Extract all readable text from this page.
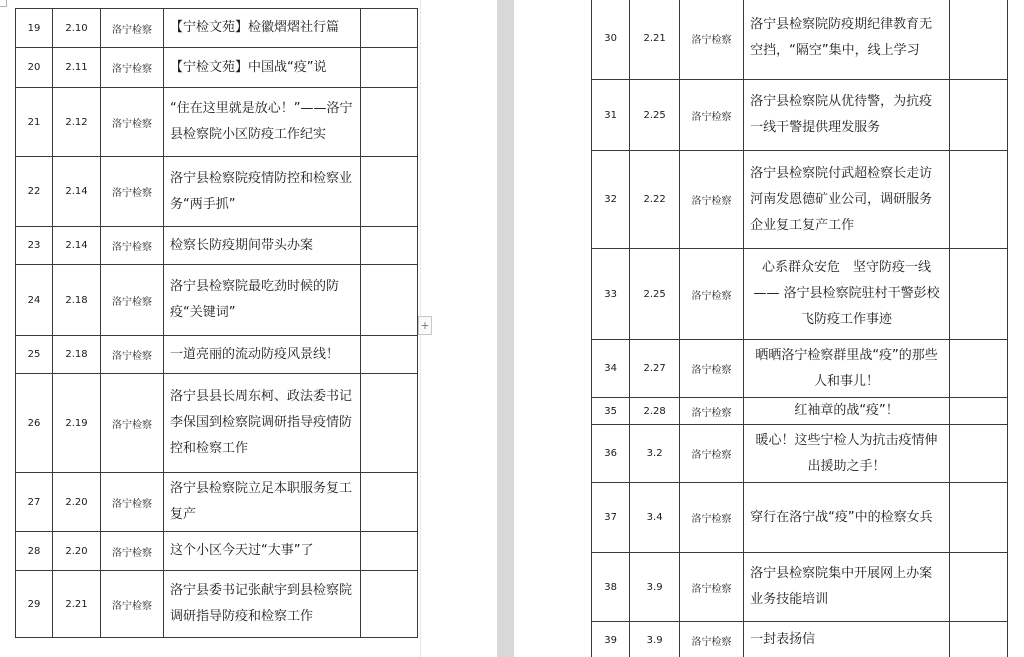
+
19	2.10	洛宁检察	【宁检文苑】检徽熠熠社行篇	
20	2.11	洛宁检察	【宁检文苑】中国战“疫”说	
21	2.12	洛宁检察	“住在这里就是放心！”——洛宁县检察院小区防疫工作纪实	
22	2.14	洛宁检察	洛宁县检察院疫情防控和检察业务“两手抓”	
23	2.14	洛宁检察	检察长防疫期间带头办案	
24	2.18	洛宁检察	洛宁县检察院最吃劲时候的防疫“关键词”	
25	2.18	洛宁检察	一道亮丽的流动防疫风景线！	
26	2.19	洛宁检察	洛宁县县长周东柯、政法委书记李保国到检察院调研指导疫情防控和检察工作	
27	2.20	洛宁检察	洛宁县检察院立足本职服务复工复产	
28	2.20	洛宁检察	这个小区今天过“大事”了	
29	2.21	洛宁检察	洛宁县委书记张献宇到县检察院调研指导防疫和检察工作	
30	2.21	洛宁检察	洛宁县检察院防疫期纪律教育无空挡，“隔空”集中，线上学习	
31	2.25	洛宁检察	洛宁县检察院从优待警，为抗疫一线干警提供理发服务	
32	2.22	洛宁检察	洛宁县检察院付武超检察长走访河南发恩德矿业公司，调研服务企业复工复产工作	
33	2.25	洛宁检察	心系群众安危　坚守防疫一线—— 洛宁县检察院驻村干警彭校飞防疫工作事迹	
34	2.27	洛宁检察	晒晒洛宁检察群里战“疫”的那些人和事儿！	
35	2.28	洛宁检察	红袖章的战“疫”！	
36	3.2	洛宁检察	暖心！这些宁检人为抗击疫情伸出援助之手！	
37	3.4	洛宁检察	穿行在洛宁战“疫”中的检察女兵	
38	3.9	洛宁检察	洛宁县检察院集中开展网上办案业务技能培训	
39	3.9	洛宁检察	一封表扬信	
